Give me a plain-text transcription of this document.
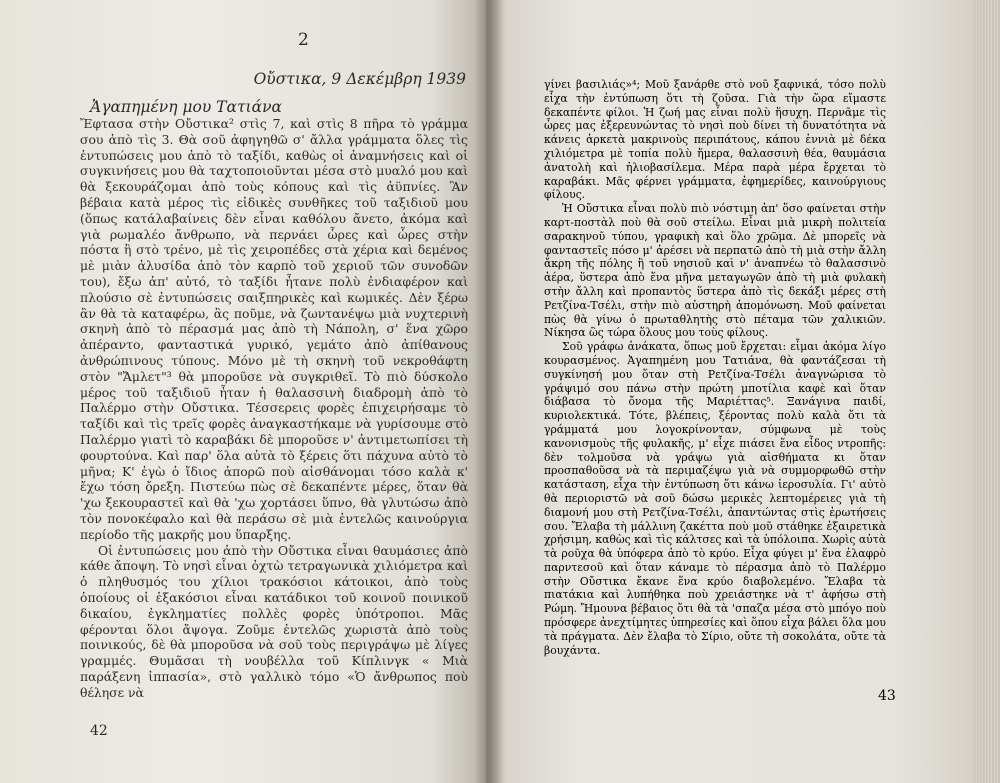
2
Οὔστικα, 9 Δεκέμβρη 1939
Ἀγαπημένη μου Τατιάνα

Ἔφτασα στὴν Οὔστικα² στὶς 7, καὶ στὶς 8 πῆρα τὸ γράμμα σου ἀπὸ τὶς 3. Θὰ σοῦ ἀφηγηθῶ σ' ἄλλα γράμματα ὅλες τὶς ἐντυπώσεις μου ἀπὸ τὸ ταξίδι, καθὼς οἱ ἀναμνήσεις καὶ οἱ συγκινήσεις μου θὰ ταχτοποιοῦνται μέσα στὸ μυαλό μου καὶ θὰ ξεκουράζομαι ἀπὸ τοὺς κόπους καὶ τὶς ἀϋπνίες. Ἂν βέβαια κατὰ μέρος τὶς εἰδικὲς συνθῆκες τοῦ ταξιδιοῦ μου (ὅπως κατάλαβαίνεις δὲν εἶναι καθόλου ἄνετο, ἀκόμα καὶ γιὰ ρωμαλέο ἄνθρωπο, νὰ περνάει ὧρες καὶ ὧρες στὴν πόστα ἢ στὸ τρένο, μὲ τὶς χειροπέδες στὰ χέρια καὶ δεμένος μὲ μιὰν ἁλυσίδα ἀπὸ τὸν καρπὸ τοῦ χεριοῦ τῶν συνοδῶν του), ἔξω ἀπ' αὐτό, τὸ ταξίδι ἦτανε πολὺ ἐνδιαφέρον καὶ πλούσιο σὲ ἐντυπώσεις σαιξπηρικὲς καὶ κωμικές. Δὲν ξέρω ἂν θὰ τὰ καταφέρω, ἂς ποῦμε, νὰ ζωντανέψω μιὰ νυχτερινὴ σκηνὴ ἀπὸ τὸ πέρασμά μας ἀπὸ τὴ Νάπολη, σ' ἕνα χῶρο ἀπέραντο, φανταστικά γυρικό, γεμάτο ἀπὸ ἀπίθανους ἀνθρώπινους τύπους. Μόνο μὲ τὴ σκηνὴ τοῦ νεκροθάφτη στὸν "Ἄμλετ"³ θὰ μποροῦσε νὰ συγκριθεῖ. Τὸ πιὸ δύσκολο μέρος τοῦ ταξιδιοῦ ἦταν ἡ θαλασσινὴ διαδρομὴ ἀπὸ τὸ Παλέρμο στὴν Οὔστικα. Τέσσερεις φορὲς ἐπιχειρήσαμε τὸ ταξίδι καὶ τὶς τρεῖς φορὲς ἀναγκαστήκαμε νὰ γυρίσουμε στὸ Παλέρμο γιατὶ τὸ καραβάκι δὲ μποροῦσε ν' ἀντιμετωπίσει τὴ φουρτούνα. Καὶ παρ' ὅλα αὐτὰ τὸ ξέρεις ὅτι πάχυνα αὐτὸ τὸ μῆνα; Κ' ἐγὼ ὁ ἴδιος ἀπορῶ ποὺ αἰσθάνομαι τόσο καλὰ κ' ἔχω τόση ὄρεξη. Πιστεύω πὼς σὲ δεκαπέντε μέρες, ὅταν θὰ 'χω ξεκουραστεῖ καὶ θὰ 'χω χορτάσει ὕπνο, θὰ γλυτώσω ἀπὸ τὸν πονοκέφαλο καὶ θὰ περάσω σὲ μιὰ ἐντελῶς καινούργια περίοδο τῆς μακρῆς μου ὕπαρξης.

Οἱ ἐντυπώσεις μου ἀπὸ τὴν Οὔστικα εἶναι θαυμάσιες ἀπὸ κάθε ἄποψη. Τὸ νησὶ εἶναι ὀχτὼ τετραγωνικὰ χιλιόμετρα καὶ ὁ πληθυσμός του χίλιοι τρακόσιοι κάτοικοι, ἀπὸ τοὺς ὁποίους οἱ ἑξακόσιοι εἶναι κατάδικοι τοῦ κοινοῦ ποινικοῦ δικαίου, ἐγκληματίες πολλὲς φορὲς ὑπότροποι. Μᾶς φέρονται ὅλοι ἄψογα. Ζοῦμε ἐντελῶς χωριστὰ ἀπὸ τοὺς ποινικούς, δὲ θὰ μποροῦσα νὰ σοῦ τοὺς περιγράψω μὲ λίγες γραμμές. Θυμᾶσαι τὴ νουβέλλα τοῦ Κίπλινγκ « Μιὰ παράξενη ἱππασία», στὸ γαλλικὸ τόμο «Ὁ ἄνθρωπος ποὺ θέλησε νὰ

42

γίνει βασιλιάς»⁴; Μοῦ ξανάρθε στὸ νοῦ ξαφνικά, τόσο πολὺ εἶχα τὴν ἐντύπωση ὅτι τὴ ζοῦσα. Γιὰ τὴν ὥρα εἴμαστε δεκαπέντε φίλοι. Ἡ ζωή μας εἶναι πολὺ ἥσυχη. Περνᾶμε τὶς ὧρες μας ἐξερευνώντας τὸ νησὶ ποὺ δίνει τὴ δυνατότητα νὰ κάνεις ἀρκετὰ μακρινοὺς περιπάτους, κάπου ἑννιὰ μὲ δέκα χιλιόμετρα μὲ τοπία πολὺ ἥμερα, θαλασσινὴ θέα, θαυμάσια ἀνατολὴ καὶ ἡλιοβασίλεμα. Μέρα παρὰ μέρα ἔρχεται τὸ καραβάκι. Μᾶς φέρνει γράμματα, ἐφημερίδες, καινούργιους φίλους.

Ἡ Οὔστικα εἶναι πολὺ πιὸ νόστιμη ἀπ' ὅσο φαίνεται στὴν καρτ-ποστὰλ ποὺ θὰ σοῦ στείλω. Εἶναι μιὰ μικρὴ πολιτεία σαρακηνοῦ τύπου, γραφικὴ καὶ ὅλο χρῶμα. Δὲ μπορεῖς νὰ φανταστεῖς πόσο μ' ἀρέσει νὰ περπατῶ ἀπὸ τὴ μιὰ στὴν ἄλλη ἄκρη τῆς πόλης ἢ τοῦ νησιοῦ καὶ ν' ἀναπνέω τὸ θαλασσινὸ ἀέρα, ὕστερα ἀπὸ ἕνα μῆνα μεταγωγῶν ἀπὸ τὴ μιὰ φυλακὴ στὴν ἄλλη καὶ προπαντὸς ὕστερα ἀπὸ τὶς δεκάξι μέρες στὴ Ρετζίνα-Τσέλι, στὴν πιὸ αὐστηρὴ ἀπομόνωση. Μοῦ φαίνεται πὼς θὰ γίνω ὁ πρωταθλητὴς στὸ πέταμα τῶν χαλικιῶν. Νίκησα ὣς τώρα ὅλους μου τοὺς φίλους.

Σοῦ γράφω ἀνάκατα, ὅπως μοῦ ἔρχεται: εἶμαι ἀκόμα λίγο κουρασμένος. Ἀγαπημένη μου Τατιάνα, θὰ φαντάζεσαι τὴ συγκίνησή μου ὅταν στὴ Ρετζίνα-Τσέλι ἀναγνώρισα τὸ γράψιμό σου πάνω στὴν πρώτη μποτίλια καφὲ καὶ ὅταν διάβασα τὸ ὄνομα τῆς Μαριέττας⁵. Ξανάγινα παιδί, κυριολεκτικά. Τότε, βλέπεις, ξέροντας πολὺ καλὰ ὅτι τὰ γράμματά μου λογοκρίνονταν, σύμφωνα μὲ τοὺς κανονισμοὺς τῆς φυλακῆς, μ' εἶχε πιάσει ἕνα εἶδος ντροπῆς: δὲν τολμοῦσα νὰ γράψω γιὰ αἰσθήματα κι ὅταν προσπαθοῦσα νὰ τὰ περιμαζέψω γιὰ νὰ συμμορφωθῶ στὴν κατάσταση, εἶχα τὴν ἐντύπωση ὅτι κάνω ἱεροσυλία. Γι' αὐτὸ θὰ περιοριστῶ νὰ σοῦ δώσω μερικὲς λεπτομέρειες γιὰ τὴ διαμονή μου στὴ Ρετζίνα-Τσέλι, ἀπαντώντας στὶς ἐρωτήσεις σου. Ἔλαβα τὴ μάλλινη ζακέττα ποὺ μοῦ στάθηκε ἐξαιρετικὰ χρήσιμη, καθὼς καὶ τὶς κάλτσες καὶ τὰ ὑπόλοιπα. Χωρὶς αὐτὰ τὰ ροῦχα θὰ ὑπόφερα ἀπὸ τὸ κρύο. Εἶχα φύγει μ' ἕνα ἐλαφρὸ παρντεσοῦ καὶ ὅταν κάναμε τὸ πέρασμα ἀπὸ τὸ Παλέρμο στὴν Οὔστικα ἔκανε ἕνα κρύο διαβολεμένο. Ἔλαβα τὰ πιατάκια καὶ λυπήθηκα ποὺ χρειάστηκε νὰ τ' ἀφήσω στὴ Ρώμη. Ἤμουνα βέβαιος ὅτι θὰ τὰ 'σπαζα μέσα στὸ μπόγο ποὺ πρόσφερε ἀνεχτίμητες ὑπηρεσίες καὶ ὅπου εἶχα βάλει ὅλα μου τὰ πράγματα. Δὲν ἔλαβα τὸ Σίριο, οὔτε τὴ σοκολάτα, οὔτε τὰ βουχάντα.

43
